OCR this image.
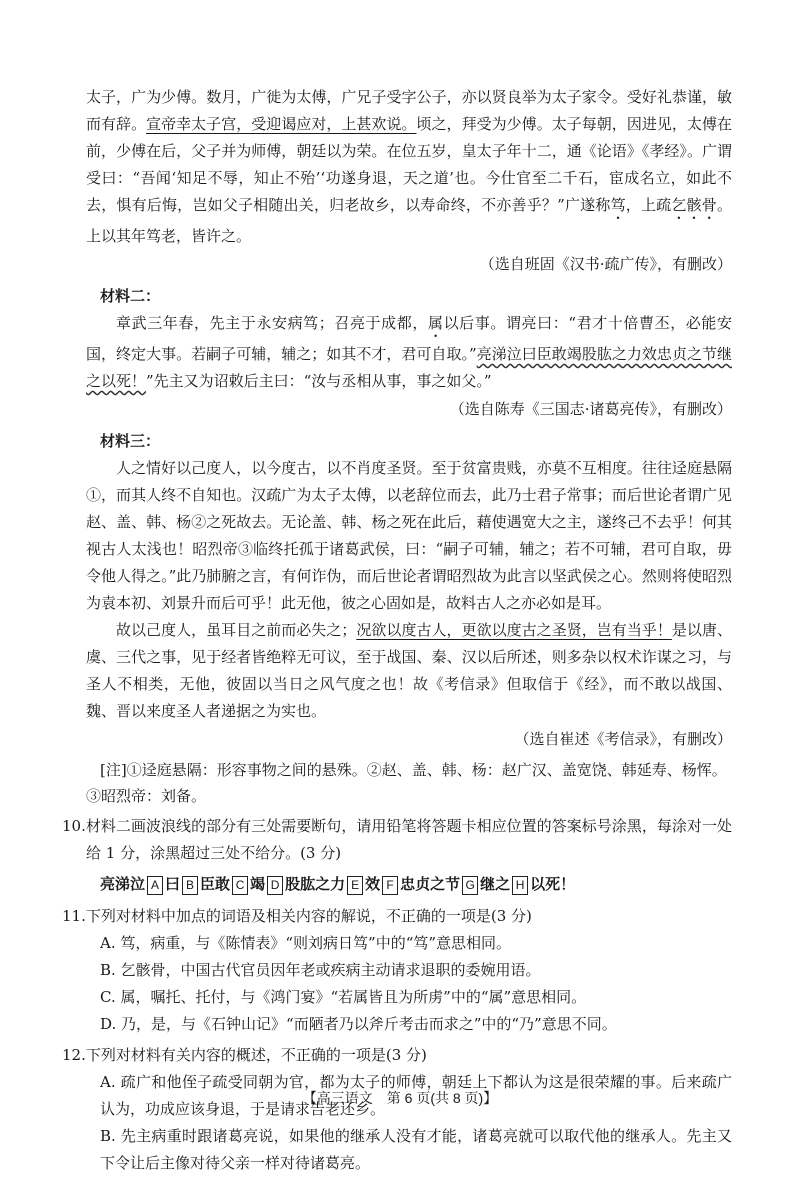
太子，广为少傅。数月，广徙为太傅，广兄子受字公子，亦以贤良举为太子家令。受好礼恭谨，敏而有辞。宣帝幸太子宫，受迎谒应对，上甚欢说。顷之，拜受为少傅。太子每朝，因进见，太傅在前，少傅在后，父子并为师傅，朝廷以为荣。在位五岁，皇太子年十二，通《论语》《孝经》。广谓受曰：“吾闻‘知足不辱，知止不殆’‘功遂身退，天之道’也。今仕官至二千石，宦成名立，如此不去，惧有后悔，岂如父子相随出关，归老故乡，以寿命终，不亦善乎？”广遂称笃，上疏乞骸骨。上以其年笃老，皆许之。

（选自班固《汉书·疏广传》，有删改）

材料二：

章武三年春，先主于永安病笃；召亮于成都，属以后事。谓亮曰：“君才十倍曹丕，必能安国，终定大事。若嗣子可辅，辅之；如其不才，君可自取。”亮涕泣曰臣敢竭股肱之力效忠贞之节继之以死！”先主又为诏敕后主曰：“汝与丞相从事，事之如父。”

（选自陈寿《三国志·诸葛亮传》，有删改）

材料三：

人之情好以己度人，以今度古，以不肖度圣贤。至于贫富贵贱，亦莫不互相度。往往迳庭悬隔①，而其人终不自知也。汉疏广为太子太傅，以老辞位而去，此乃士君子常事；而后世论者谓广见赵、盖、韩、杨②之死故去。无论盖、韩、杨之死在此后，藉使遇宽大之主，遂终己不去乎！何其视古人太浅也！昭烈帝③临终托孤于诸葛武侯，曰：“嗣子可辅，辅之；若不可辅，君可自取，毋令他人得之。”此乃肺腑之言，有何诈伪，而后世论者谓昭烈故为此言以坚武侯之心。然则将使昭烈为袁本初、刘景升而后可乎！此无他，彼之心固如是，故料古人之亦必如是耳。

故以己度人，虽耳目之前而必失之；况欲以度古人，更欲以度古之圣贤，岂有当乎！是以唐、虞、三代之事，见于经者皆绝粹无可议，至于战国、秦、汉以后所述，则多杂以权术诈谋之习，与圣人不相类，无他，彼固以当日之风气度之也！故《考信录》但取信于《经》，而不敢以战国、魏、晋以来度圣人者递据之为实也。

（选自崔述《考信录》，有删改）

[注]①迳庭悬隔：形容事物之间的悬殊。②赵、盖、韩、杨：赵广汉、盖宽饶、韩延寿、杨恽。

③昭烈帝：刘备。

10.材料二画波浪线的部分有三处需要断句，请用铅笔将答题卡相应位置的答案标号涂黑，每涂对一处给 1 分，涂黑超过三处不给分。(3 分)

亮涕泣 A 曰 B 臣敢 C 竭 D 股肱之力 E 效 F 忠贞之节 G 继之 H 以死！

11.下列对材料中加点的词语及相关内容的解说，不正确的一项是(3 分)

A. 笃，病重，与《陈情表》“则刘病日笃”中的“笃”意思相同。

B. 乞骸骨，中国古代官员因年老或疾病主动请求退职的委婉用语。

C. 属，嘱托、托付，与《鸿门宴》“若属皆且为所虏”中的“属”意思相同。

D. 乃，是，与《石钟山记》“而陋者乃以斧斤考击而求之”中的“乃”意思不同。

12.下列对材料有关内容的概述，不正确的一项是(3 分)

A. 疏广和他侄子疏受同朝为官，都为太子的师傅，朝廷上下都认为这是很荣耀的事。后来疏广认为，功成应该身退，于是请求告老还乡。

B. 先主病重时跟诸葛亮说，如果他的继承人没有才能，诸葛亮就可以取代他的继承人。先主又下令让后主像对待父亲一样对待诸葛亮。

【高三语文　第 6 页(共 8 页)】
